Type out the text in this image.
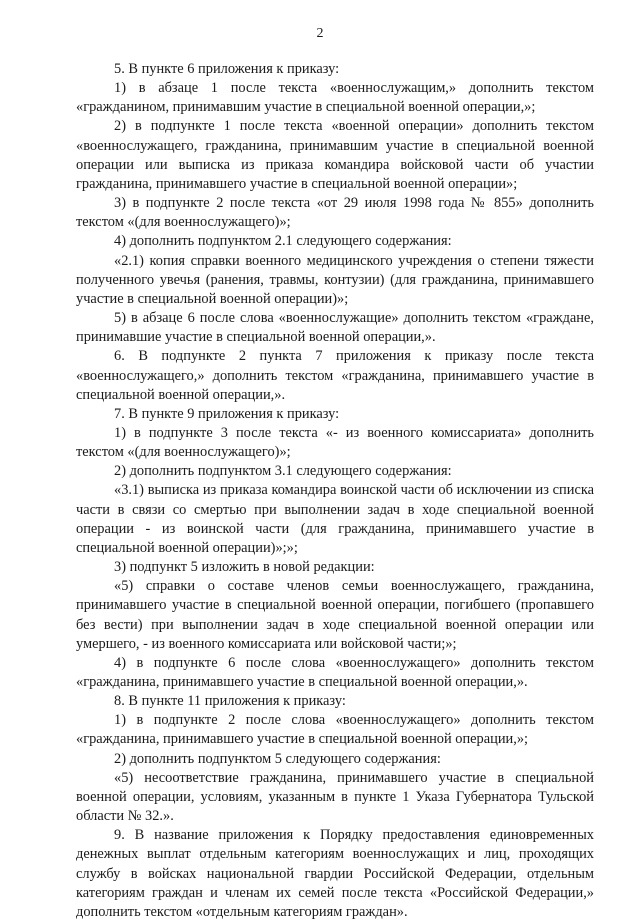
2

5. В пункте 6 приложения к приказу:

1) в абзаце 1 после текста «военнослужащим,» дополнить текстом «гражданином, принимавшим участие в специальной военной операции,»;

2) в подпункте 1 после текста «военной операции» дополнить текстом «военнослужащего, гражданина, принимавшим участие в специальной военной операции или выписка из приказа командира войсковой части об участии гражданина, принимавшего участие в специальной военной операции»;

3) в подпункте 2 после текста «от 29 июля 1998 года № 855» дополнить текстом «(для военнослужащего)»;

4) дополнить подпунктом 2.1 следующего содержания:

«2.1) копия справки военного медицинского учреждения о степени тяжести полученного увечья (ранения, травмы, контузии) (для гражданина, принимавшего участие в специальной военной операции)»;

5) в абзаце 6 после слова «военнослужащие» дополнить текстом «граждане, принимавшие участие в специальной военной операции,».

6. В подпункте 2 пункта 7 приложения к приказу после текста «военнослужащего,» дополнить текстом «гражданина, принимавшего участие в специальной военной операции,».

7. В пункте 9 приложения к приказу:

1) в подпункте 3 после текста «- из военного комиссариата» дополнить текстом «(для военнослужащего)»;

2) дополнить подпунктом 3.1 следующего содержания:

«3.1) выписка из приказа командира воинской части об исключении из списка части в связи со смертью при выполнении задач в ходе специальной военной операции - из воинской части (для гражданина, принимавшего участие в специальной военной операции)»;»;

3) подпункт 5 изложить в новой редакции:

«5) справки о составе членов семьи военнослужащего, гражданина, принимавшего участие в специальной военной операции, погибшего (пропавшего без вести) при выполнении задач в ходе специальной военной операции или умершего, - из военного комиссариата или войсковой части;»;

4) в подпункте 6 после слова «военнослужащего» дополнить текстом «гражданина, принимавшего участие в специальной военной операции,».

8. В пункте 11 приложения к приказу:

1) в подпункте 2 после слова «военнослужащего» дополнить текстом «гражданина, принимавшего участие в специальной военной операции,»;

2) дополнить подпунктом 5 следующего содержания:

«5) несоответствие гражданина, принимавшего участие в специальной военной операции, условиям, указанным в пункте 1 Указа Губернатора Тульской области № 32.».

9. В название приложения к Порядку предоставления единовременных денежных выплат отдельным категориям военнослужащих и лиц, проходящих службу в войсках национальной гвардии Российской Федерации, отдельным категориям граждан и членам их семей после текста «Российской Федерации,» дополнить текстом «отдельным категориям граждан».
